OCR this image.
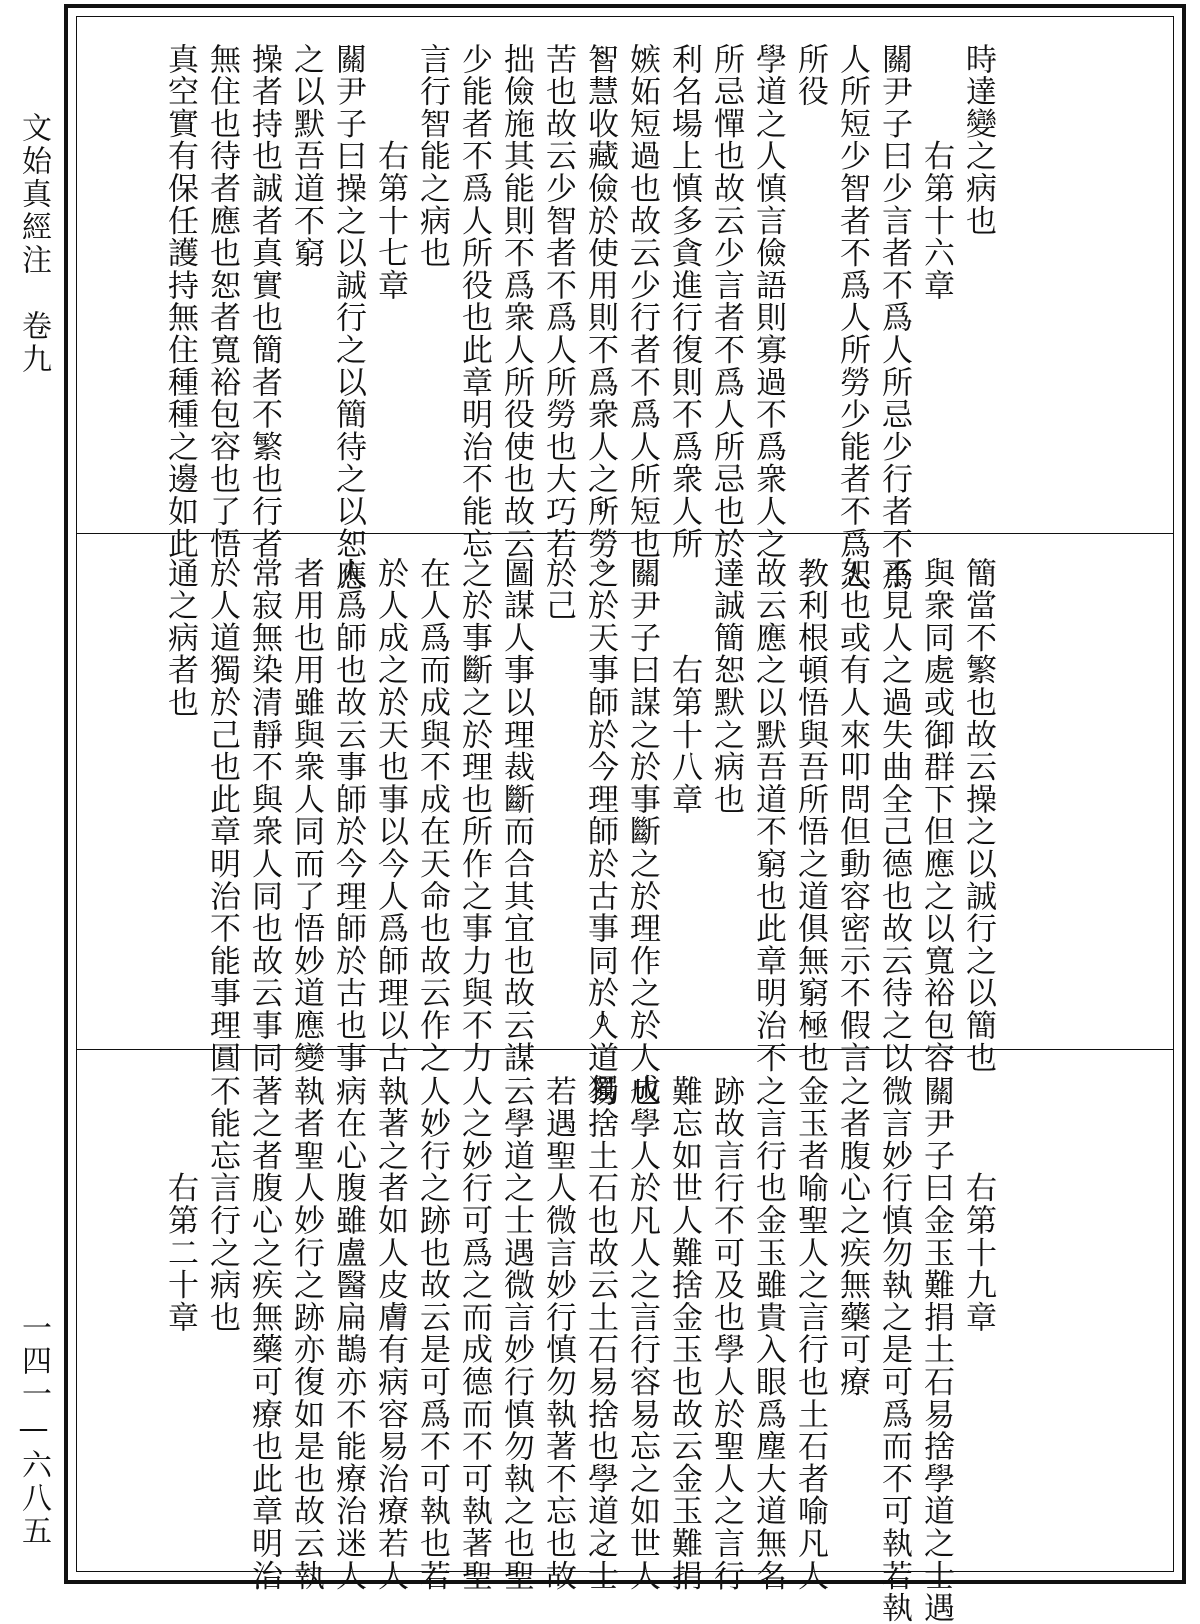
文始真經注　卷九
一四一—六八五
時達變之病也
　　　右第十六章
關尹子曰少言者不爲人所忌少行者不爲
人所短少智者不爲人所勞少能者不爲人
所役
學道之人慎言儉語則寡過不爲衆人之
所忌憚也故云少言者不爲人所忌也於
利名場上慎多貪進行復則不爲衆人所
嫉妬短過也故云少行者不爲人所短也
智慧收藏儉於使用則不爲衆人之所勞
苦也故云少智者不爲人所勞也大巧若
拙儉施其能則不爲衆人所役使也故云
少能者不爲人所役也此章明治不能忘
言行智能之病也
　　　右第十七章
關尹子曰操之以誠行之以簡待之以恕應
之以默吾道不窮
操者持也誠者真實也簡者不繁也行者
無住也待者應也恕者寬裕包容也了悟
真空實有保任護持無住種種之邊如此
簡當不繁也故云操之以誠行之以簡也
與衆同處或御群下但應之以寬裕包容
不見人之過失曲全己德也故云待之以
恕也或有人來叩問但動容密示不假言
教利根頓悟與吾所悟之道俱無窮極也
故云應之以默吾道不窮也此章明治不
達誠簡恕默之病也
　　　右第十八章
關尹子曰謀之於事斷之於理作之於人成
之於天事師於今理師於古事同於人道獨
於己
圖謀人事以理裁斷而合其宜也故云謀
之於事斷之於理也所作之事力與不力
在人爲而成與不成在天命也故云作之
於人成之於天也事以今人爲師理以古
人爲師也故云事師於今理師於古也事
者用也用雖與衆人同而了悟妙道應變
常寂無染清靜不與衆人同也故云事同
於人道獨於己也此章明治不能事理圓
通之病者也
　　　右第十九章
關尹子曰金玉難捐土石易捨學道之士遇
微言妙行慎勿執之是可爲而不可執若執
之者腹心之疾無藥可療
金玉者喻聖人之言行也土石者喻凡人
之言行也金玉雖貴入眼爲塵大道無名
跡故言行不可及也學人於聖人之言行
難忘如世人難捨金玉也故云金玉難捐
也學人於凡人之言行容易忘之如世人
易捨土石也故云土石易捨也學道之士
若遇聖人微言妙行慎勿執著不忘也故
云學道之士遇微言妙行慎勿執之也聖
人之妙行可爲之而成德而不可執著聖
人妙行之跡也故云是可爲不可執也若
執著之者如人皮膚有病容易治療若人
病在心腹雖盧醫扁鵲亦不能療治迷人
執者聖人妙行之跡亦復如是也故云執
著之者腹心之疾無藥可療也此章明治
不能忘言行之病也
　　　右第二十章
